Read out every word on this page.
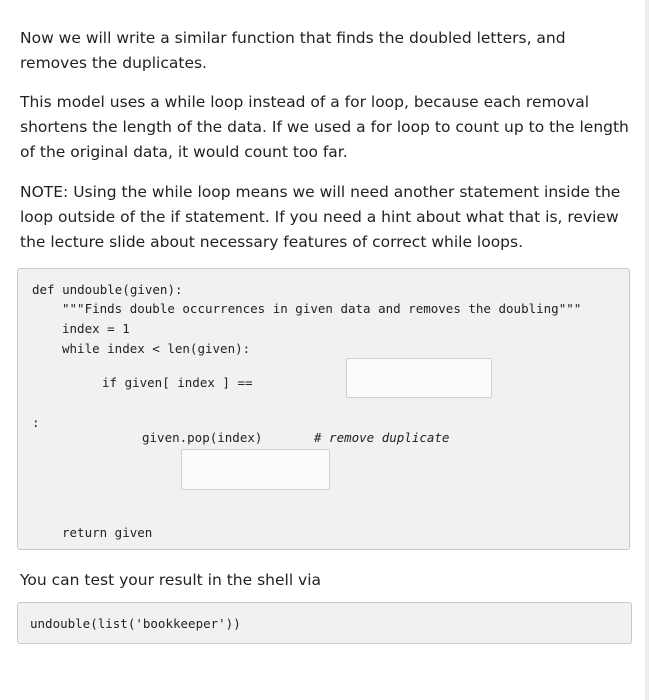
Now we will write a similar function that finds the doubled letters, and removes the duplicates.

This model uses a while loop instead of a for loop, because each removal shortens the length of the data. If we used a for loop to count up to the length of the original data, it would count too far.

NOTE: Using the while loop means we will need another statement inside the loop outside of the if statement. If you need a hint about what that is, review the lecture slide about necessary features of correct while loops.

def undouble(given):
"""Finds double occurrences in given data and removes the doubling"""
index = 1
while index < len(given):
if given[ index ] ==
:
given.pop(index)	# remove duplicate
return given

You can test your result in the shell via

undouble(list('bookkeeper'))
